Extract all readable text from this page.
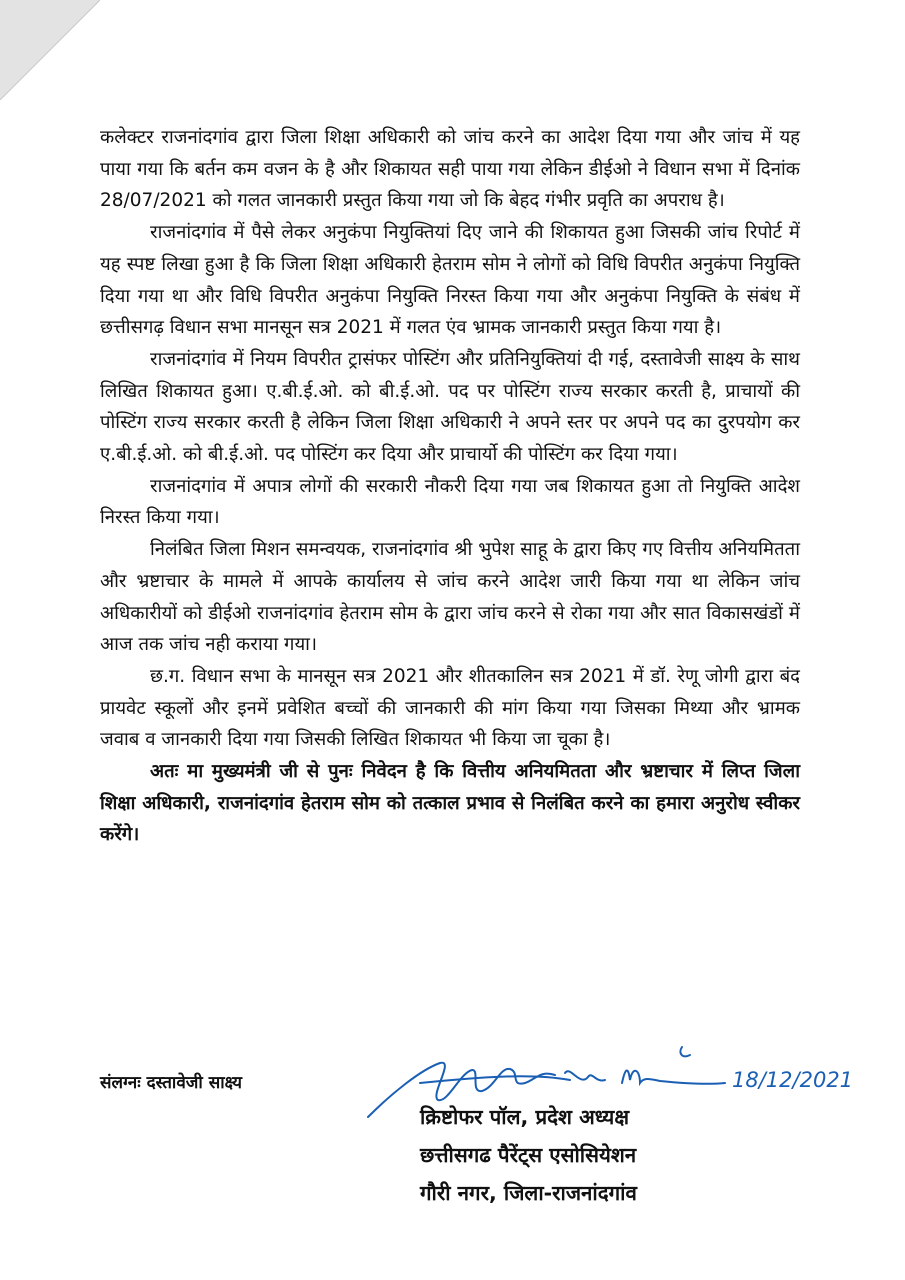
कलेक्टर राजनांदगांव द्वारा जिला शिक्षा अधिकारी को जांच करने का आदेश दिया गया और जांच में यह पाया गया कि बर्तन कम वजन के है और शिकायत सही पाया गया लेकिन डीईओ ने विधान सभा में दिनांक 28/07/2021 को गलत जानकारी प्रस्तुत किया गया जो कि बेहद गंभीर प्रवृति का अपराध है।

राजनांदगांव में पैसे लेकर अनुकंपा नियुक्तियां दिए जाने की शिकायत हुआ जिसकी जांच रिपोर्ट में यह स्पष्ट लिखा हुआ है कि जिला शिक्षा अधिकारी हेतराम सोम ने लोगों को विधि विपरीत अनुकंपा नियुक्ति दिया गया था और विधि विपरीत अनुकंपा नियुक्ति निरस्त किया गया और अनुकंपा नियुक्ति के संबंध में छत्तीसगढ़ विधान सभा मानसून सत्र 2021 में गलत एंव भ्रामक जानकारी प्रस्तुत किया गया है।

राजनांदगांव में नियम विपरीत ट्रासंफर पोस्टिंग और प्रतिनियुक्तियां दी गई, दस्तावेजी साक्ष्य के साथ लिखित शिकायत हुआ। ए.बी.ई.ओ. को बी.ई.ओ. पद पर पोस्टिंग राज्य सरकार करती है, प्राचायों की पोस्टिंग राज्य सरकार करती है लेकिन जिला शिक्षा अधिकारी ने अपने स्तर पर अपने पद का दुरपयोग कर ए.बी.ई.ओ. को बी.ई.ओ. पद पोस्टिंग कर दिया और प्राचार्यो की पोस्टिंग कर दिया गया।

राजनांदगांव में अपात्र लोगों की सरकारी नौकरी दिया गया जब शिकायत हुआ तो नियुक्ति आदेश निरस्त किया गया।

निलंबित जिला मिशन समन्वयक, राजनांदगांव श्री भुपेश साहू के द्वारा किए गए वित्तीय अनियमितता और भ्रष्टाचार के मामले में आपके कार्यालय से जांच करने आदेश जारी किया गया था लेकिन जांच अधिकारीयों को डीईओ राजनांदगांव हेतराम सोम के द्वारा जांच करने से रोका गया और सात विकासखंडों में आज तक जांच नही कराया गया।

छ.ग. विधान सभा के मानसून सत्र 2021 और शीतकालिन सत्र 2021 में डॉ. रेणू जोगी द्वारा बंद प्रायवेट स्कूलों और इनमें प्रवेशित बच्चों की जानकारी की मांग किया गया जिसका मिथ्या और भ्रामक जवाब व जानकारी दिया गया जिसकी लिखित शिकायत भी किया जा चूका है।

अतः मा मुख्यमंत्री जी से पुनः निवेदन है कि वित्तीय अनियमितता और भ्रष्टाचार में लिप्त जिला शिक्षा अधिकारी, राजनांदगांव हेतराम सोम को तत्काल प्रभाव से निलंबित करने का हमारा अनुरोध स्वीकर करेंगे।

संलग्नः दस्तावेजी साक्ष्य	18/12/2021
क्रिष्टोफर पॉल, प्रदेश अध्यक्ष
छत्तीसगढ पैरेंट्स एसोसियेशन
गौरी नगर, जिला-राजनांदगांव
